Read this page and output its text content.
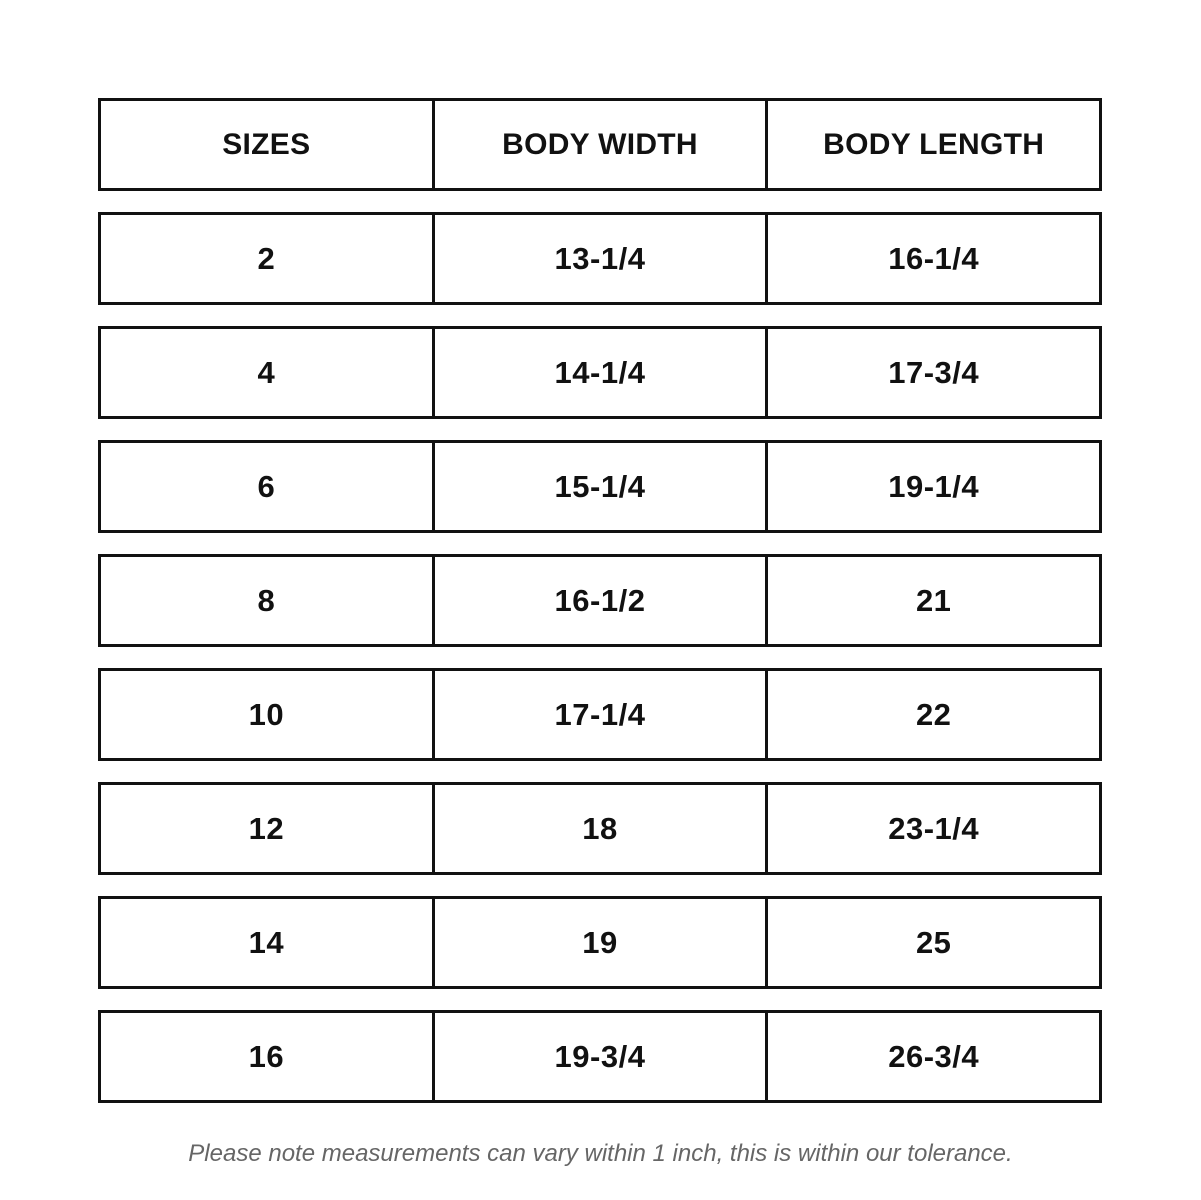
SIZES	BODY WIDTH	BODY LENGTH
2	13-1/4	16-1/4
4	14-1/4	17-3/4
6	15-1/4	19-1/4
8	16-1/2	21
10	17-1/4	22
12	18	23-1/4
14	19	25
16	19-3/4	26-3/4
Please note measurements can vary within 1 inch, this is within our tolerance.
